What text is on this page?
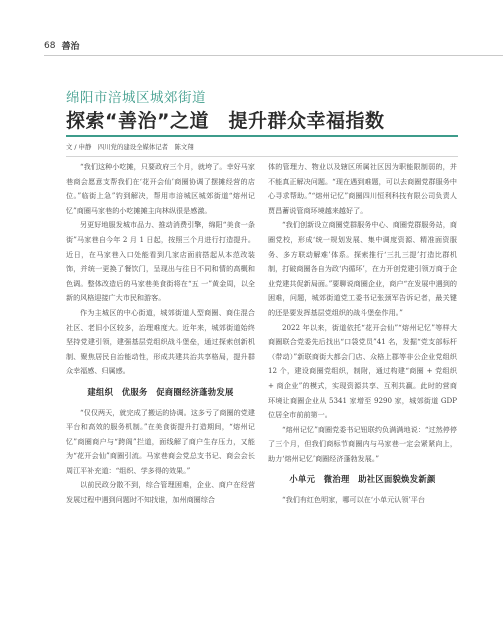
68 善治
绵阳市涪城区城郊街道
探索“善治”之道　提升群众幸福指数
文 / 申静　四川党的建设全媒体记者　陈文翔

“我们这种小吃摊，只要政府三个月，就垮了。幸好马家巷商会愿意支帮我们在‘花开会仙’商圈协调了摆摊经营的店位。”临街上急”钓到解决，帮用市涪城区城郊街道“熔州记忆”商圈马家巷的小吃摊摊主向林纵很是感激。

另更好地服发城市品力、推动消费引擎，绵阳“美食一条街”马家巷自今年 2 月 1 日起，按照三个月进行打造提升。近日，在马家巷入口处能看到几家店面前搭起从本范改装饰，并统一更换了餐饮门，呈现出与往日不同和情的高概和色调。整体改造后的马家巷美食街将在“五 一”黄金周，以全新的风格迎接广大市民和游客。

作为主城区的中心街道，城郊街道人型商圈、商住混合社区、老旧小区较多，治理难度大。近年来，城郊街道始终坚持党建引领，建强基层党组织战斗堡垒，通过探索创新机制、聚焦居民自治能动性，形成共建共治共享格局，提升群众幸福感、归属感。

建组织　优服务　促商圈经济蓬勃发展

“仅仅两天，就完成了搬运的协调。这多亏了商圈的党建平台和高效的服务机制。”在美食街提升打造期间，“熔州记忆”商圈商户与“跨阁”拦道，面线解了商户生存压力，又能为“花开会仙”商圈引流。马家巷商会党总支书记、商会会长周江平补充道：“组织、学多得的效果。”

以前民政分散不到，综合管理困难，企业、商户在经营发展过程中遇到问题时不知找谁，加州商圈综合

体的管理力、物业以及辖区所属社区因为职能限制弱的，并不能真正解决问题。“现在遇到难题，可以去商圈党群服务中心寻求帮助。”“熔州记忆”商圈四川恒利科技有限公司负责人贾昌蓄说管商环境越来越好了。

“我们创新设立商圈党群服务中心、商圈党群服务站，商圈党校，形成‘统一规划发展、集中调度资源、精准面资服务、多方联动解难’体系。探索推行‘三扎三提’打造比群机制，打破商圈各自为政‘内循环’，在力开创党建引领万商于企业党建共促新局面。”要聊说商圈企业，商户“在发展中遇到的困难，问题，城郊街道党工委书记张颈军告诉记者，最关键的还是要发挥基层党组织的战斗堡垒作用。”

2022 年以来，街道依托“花开会仙”“熔州记忆”等样大商圈联合党委先后找出“口袋党员”41 名，发掘“党支部标杆（带动）”新联商街大都会门店、众格上郡等非公企业党组织 12 个，建设商圈党组织，制附，通过构建“商圈 + 党组织 + 商企业”的模式，实现资源共享、互利共赢。此时的营商环境让商圈企业从 5341 家增至 9290 家，城郊街道 GDP 位居全市前前第一。

“熔州记忆”商圈党委书记钮联约负满满地说：“过然停停了三个月，但我们商标节商圈内与马家巷一定会紧紧向上，助力‘熔州记忆’商圈经济蓬勃发展。”

小单元　微治理　助社区面貌焕发新颜

“我们有红色明家，哪可以在‘小单元认领’平台
